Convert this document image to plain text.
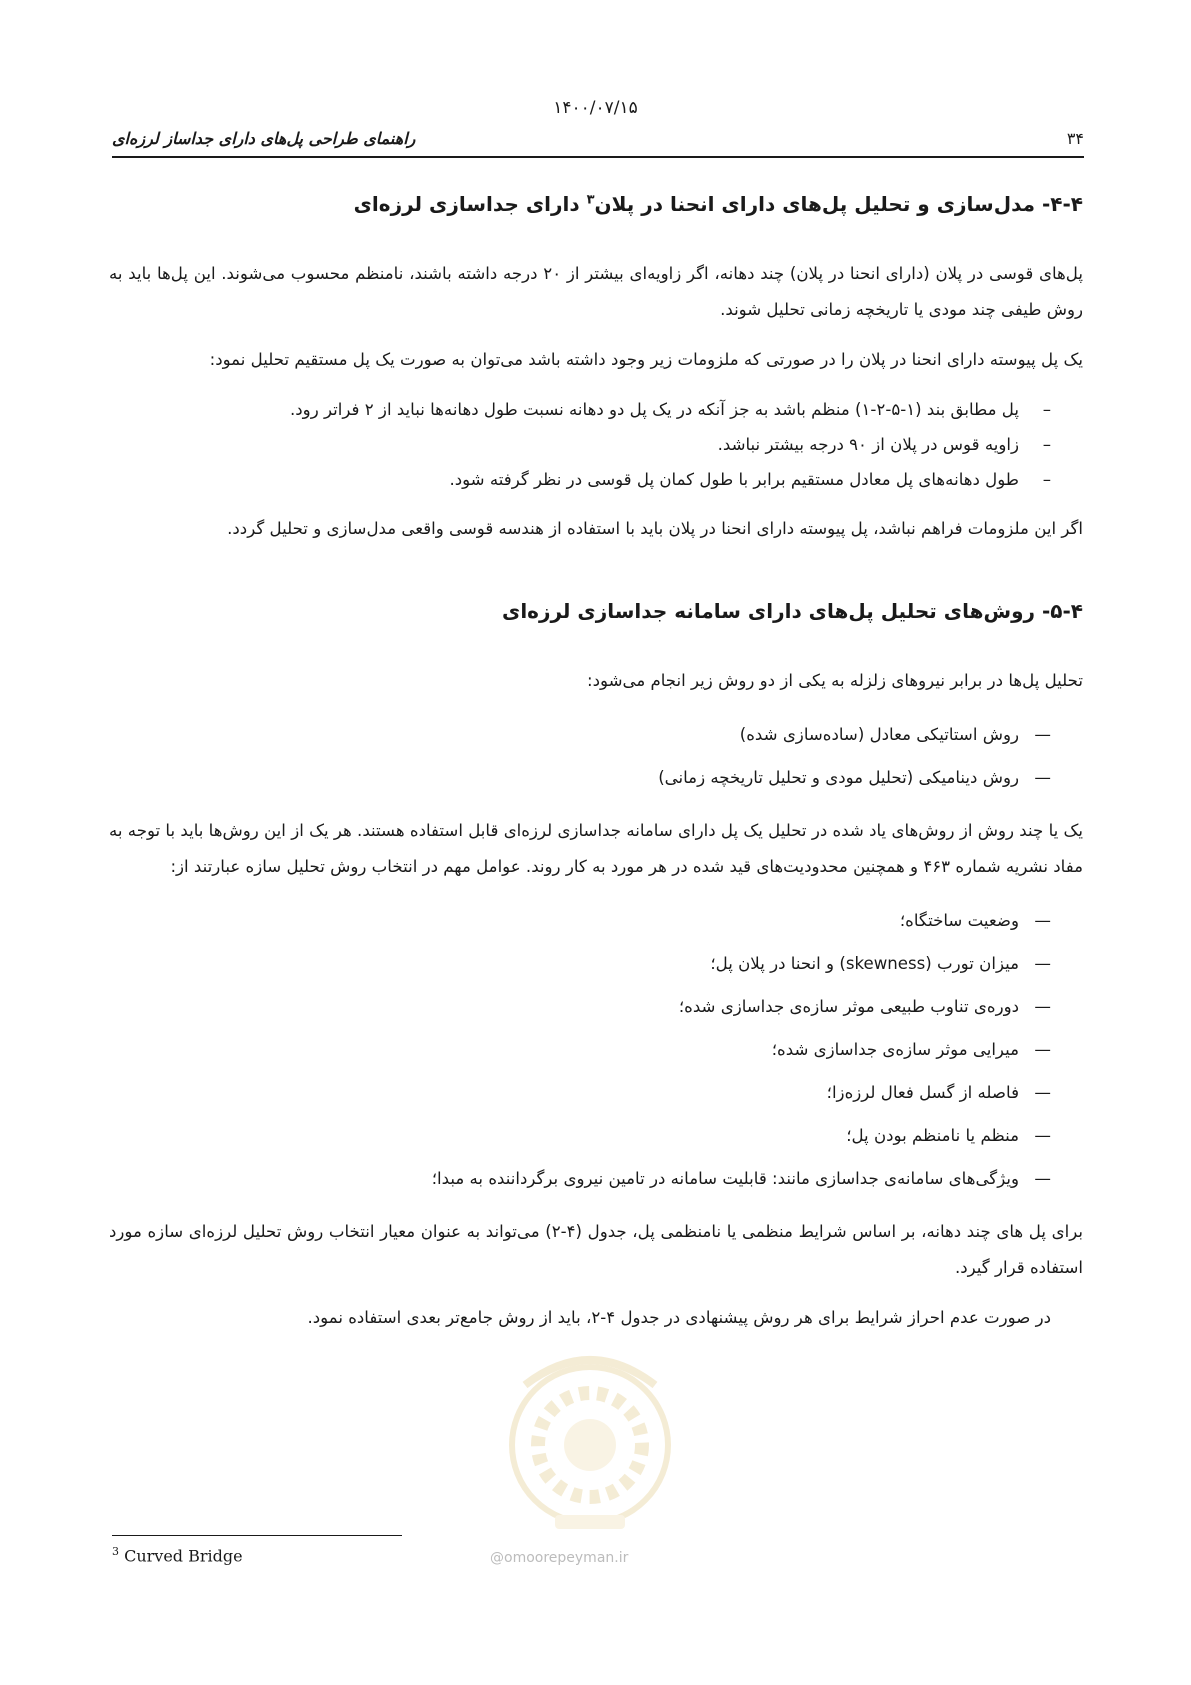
۱۴۰۰/۰۷/۱۵
راهنمای طراحی پل‌های دارای جداساز لرزه‌ای	۳۴
۴-۴- مدل‌سازی و تحلیل پل‌های دارای انحنا در پلان$^۳$ دارای جداسازی لرزه‌ای

پل‌های قوسی در پلان (دارای انحنا در پلان) چند دهانه، اگر زاویه‌ای بیشتر از ۲۰ درجه داشته باشند، نامنظم محسوب می‌شوند. این پل‌ها باید به روش طیفی چند مودی یا تاریخچه زمانی تحلیل شوند.

یک پل پیوسته دارای انحنا در پلان را در صورتی که ملزومات زیر وجود داشته باشد می‌توان به صورت یک پل مستقیم تحلیل نمود:

– پل مطابق بند (۱-۵-۲-۱) منظم باشد به جز آنکه در یک پل دو دهانه نسبت طول دهانه‌ها نباید از ۲ فراتر رود.
– زاویه قوس در پلان از ۹۰ درجه بیشتر نباشد.
– طول دهانه‌های پل معادل مستقیم برابر با طول کمان پل قوسی در نظر گرفته شود.

اگر این ملزومات فراهم نباشد، پل پیوسته دارای انحنا در پلان باید با استفاده از هندسه قوسی واقعی مدل‌سازی و تحلیل گردد.

۵-۴- روش‌های تحلیل پل‌های دارای سامانه جداسازی لرزه‌ای

تحلیل پل‌ها در برابر نیروهای زلزله به یکی از دو روش زیر انجام می‌شود:

— روش استاتیکی معادل (ساده‌سازی شده)
— روش دینامیکی (تحلیل مودی و تحلیل تاریخچه زمانی)

یک یا چند روش از روش‌های یاد شده در تحلیل یک پل دارای سامانه جداسازی لرزه‌ای قابل استفاده هستند. هر یک از این روش‌ها باید با توجه به مفاد نشریه شماره ۴۶۳ و همچنین محدودیت‌های قید شده در هر مورد به کار روند. عوامل مهم در انتخاب روش تحلیل سازه عبارتند از:

— وضعیت ساختگاه؛
— میزان تورب (skewness) و انحنا در پلان پل؛
— دوره‌ی تناوب طبیعی موثر سازه‌ی جداسازی شده؛
— میرایی موثر سازه‌ی جداسازی شده؛
— فاصله از گسل فعال لرزه‌زا؛
— منظم یا نامنظم بودن پل؛
— ویژگی‌های سامانه‌ی جداسازی مانند: قابلیت سامانه در تامین نیروی برگرداننده به مبدا؛

برای پل های چند دهانه، بر اساس شرایط منظمی یا نامنظمی پل، جدول (۴-۲) می‌تواند به عنوان معیار انتخاب روش تحلیل لرزه‌ای سازه مورد استفاده قرار گیرد.

در صورت عدم احراز شرایط برای هر روش پیشنهادی در جدول ۴-۲، باید از روش جامع‌تر بعدی استفاده نمود.

@omoorepeyman.ir
$^3$ Curved Bridge
